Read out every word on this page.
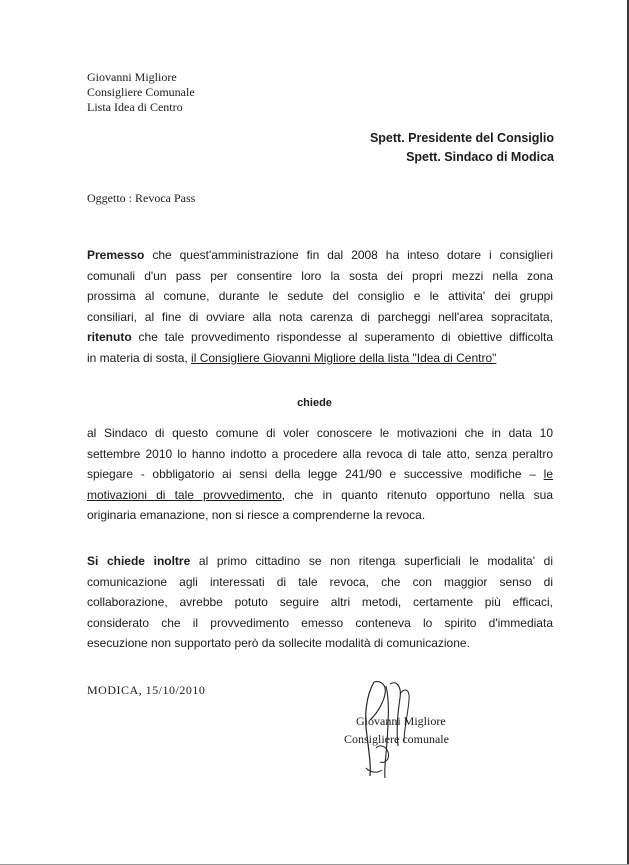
Giovanni Migliore
Consigliere Comunale
Lista Idea di Centro
Spett. Presidente del Consiglio
Spett. Sindaco di Modica
Oggetto : Revoca Pass
Premesso che quest'amministrazione fin dal 2008 ha inteso dotare i consiglieri
comunali d'un pass per consentire loro la sosta dei propri mezzi nella zona
prossima al comune, durante le sedute del consiglio e le attivita' dei gruppi
consiliari, al fine di ovviare alla nota carenza di parcheggi nell'area sopracitata,
ritenuto che tale provvedimento rispondesse al superamento di obiettive difficolta
in materia di sosta, il Consigliere Giovanni Migliore della lista "Idea di Centro"
chiede
al Sindaco di questo comune di voler conoscere le motivazioni che in data 10
settembre 2010 lo hanno indotto a procedere alla revoca di tale atto, senza peraltro
spiegare - obbligatorio ai sensi della legge 241/90 e successive modifiche – le
motivazioni di tale provvedimento, che in quanto ritenuto opportuno nella sua
originaria emanazione, non si riesce a comprenderne la revoca.
Si chiede inoltre al primo cittadino se non ritenga superficiali le modalita' di
comunicazione agli interessati di tale revoca, che con maggior senso di
collaborazione, avrebbe potuto seguire altri metodi, certamente più efficaci,
considerato che il provvedimento emesso conteneva lo spirito d'immediata
esecuzione non supportato però da sollecite modalità di comunicazione.
MODICA, 15/10/2010
Giovanni Migliore
Consigliere comunale
